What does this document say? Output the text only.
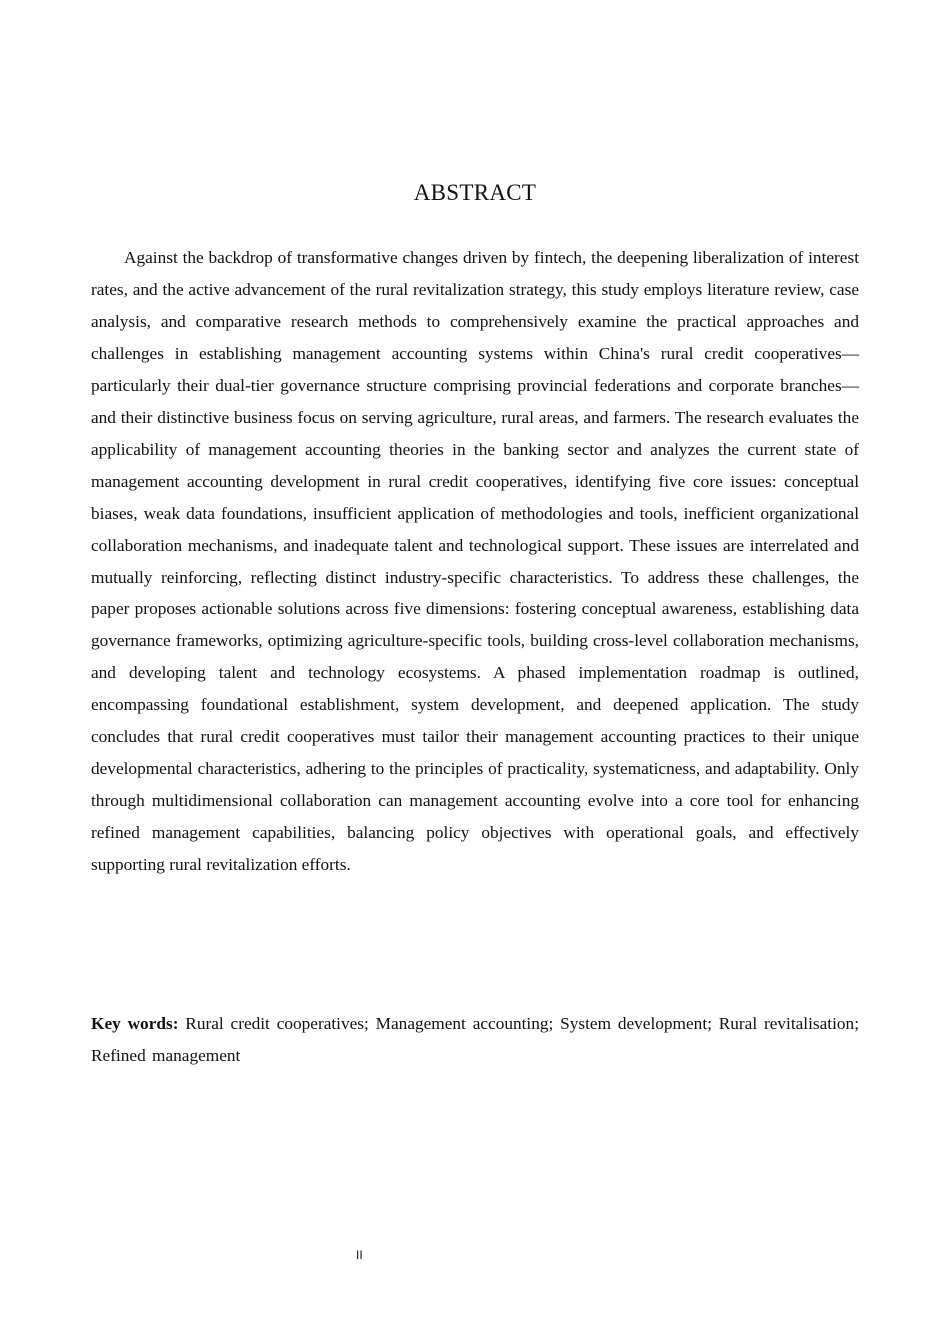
ABSTRACT

Against the backdrop of transformative changes driven by fintech, the deepening liberalization of interest rates, and the active advancement of the rural revitalization strategy, this study employs literature review, case analysis, and comparative research methods to comprehensively examine the practical approaches and challenges in establishing management accounting systems within China's rural credit cooperatives—particularly their dual-tier governance structure comprising provincial federations and corporate branches—and their distinctive business focus on serving agriculture, rural areas, and farmers. The research evaluates the applicability of management accounting theories in the banking sector and analyzes the current state of management accounting development in rural credit cooperatives, identifying five core issues: conceptual biases, weak data foundations, insufficient application of methodologies and tools, inefficient organizational collaboration mechanisms, and inadequate talent and technological support. These issues are interrelated and mutually reinforcing, reflecting distinct industry-specific characteristics. To address these challenges, the paper proposes actionable solutions across five dimensions: fostering conceptual awareness, establishing data governance frameworks, optimizing agriculture-specific tools, building cross-level collaboration mechanisms, and developing talent and technology ecosystems. A phased implementation roadmap is outlined, encompassing foundational establishment, system development, and deepened application. The study concludes that rural credit cooperatives must tailor their management accounting practices to their unique developmental characteristics, adhering to the principles of practicality, systematicness, and adaptability. Only through multidimensional collaboration can management accounting evolve into a core tool for enhancing refined management capabilities, balancing policy objectives with operational goals, and effectively supporting rural revitalization efforts.

Key words: Rural credit cooperatives; Management accounting; System development; Rural revitalisation; Refined management

II
